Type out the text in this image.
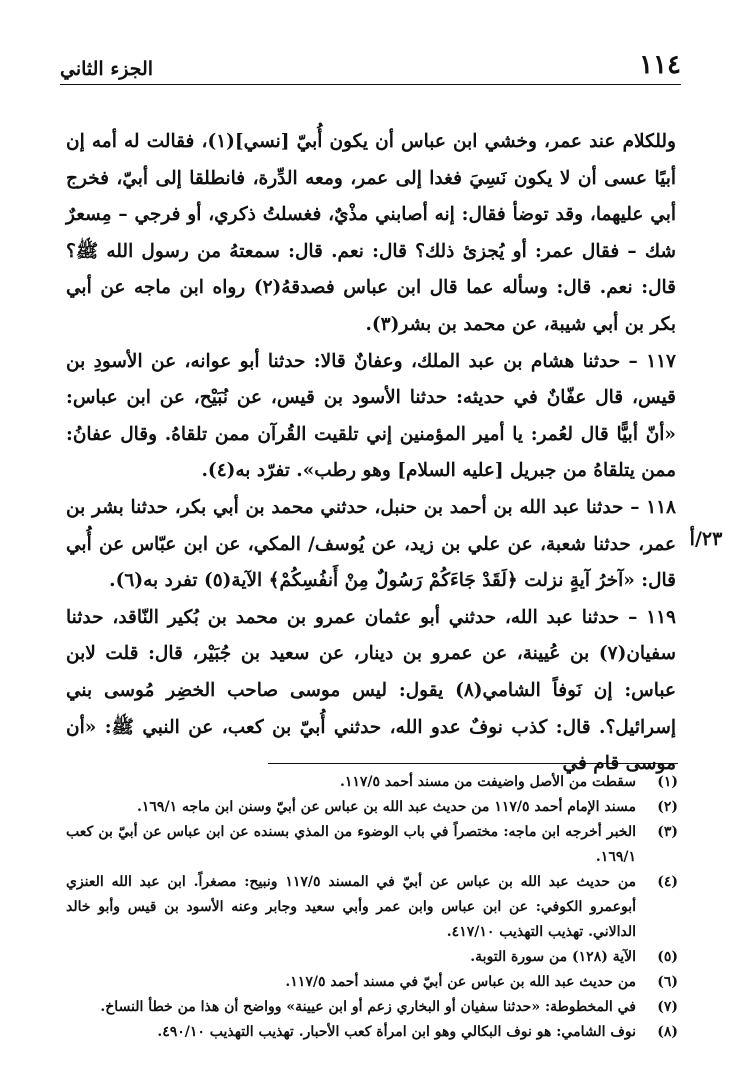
١١٤
الجزء الثاني
٢٣/أ

وللكلام عند عمر، وخشي ابن عباس أن يكون أُبيّ [نسي](١)، فقالت له أمه إن أبيًا عسى أن لا يكون نَسِيَ فغدا إلى عمر، ومعه الدِّرة، فانطلقا إلى أبيّ، فخرج أبي عليهما، وقد توضأ فقال: إنه أصابني مذْيٌ، فغسلتُ ذكري، أو فرجي – مِسعرٌ شك – فقال عمر: أو يُجزئ ذلك؟ قال: نعم. قال: سمعتهُ من رسول الله ﷺ؟ قال: نعم. قال: وسأله عما قال ابن عباس فصدقهُ(٢) رواه ابن ماجه عن أبي بكر بن أبي شيبة، عن محمد بن بشر(٣).

١١٧ – حدثنا هشام بن عبد الملك، وعفانٌ قالا: حدثنا أبو عوانه، عن الأسودِ بن قيس، قال عفّانٌ في حديثه: حدثنا الأسود بن قيس، عن نُبَيْح، عن ابن عباس: «أنّ أبيًّا قال لعُمر: يا أمير المؤمنين إني تلقيت القُرآن ممن تلقاهُ. وقال عفانُ: ممن يتلقاهُ من جبريل [عليه السلام] وهو رطب». تفرّد به(٤).

١١٨ – حدثنا عبد الله بن أحمد بن حنبل، حدثني محمد بن أبي بكر، حدثنا بشر بن عمر، حدثنا شعبة، عن علي بن زيد، عن يُوسف/ المكي، عن ابن عبّاس عن أُبي قال: «آخرُ آيةٍ نزلت ﴿لَقَدْ جَاءَكُمْ رَسُولٌ مِنْ أَنفُسِكُمْ﴾ الآية(٥) تفرد به(٦).

١١٩ – حدثنا عبد الله، حدثني أبو عثمان عمرو بن محمد بن بُكير النّاقد، حدثنا سفيان(٧) بن عُيينة، عن عمرو بن دينار، عن سعيد بن جُبَيْر، قال: قلت لابن عباس: إن نَوفاً الشامي(٨) يقول: ليس موسى صاحب الخضِر مُوسى بني إسرائيل؟. قال: كذب نوفٌ عدو الله، حدثني أُبيّ بن كعب، عن النبي ﷺ: «أن موسى قام في

(١)
سقطت من الأصل واضيفت من مسند أحمد ١١٧/٥.
(٢)
مسند الإمام أحمد ١١٧/٥ من حديث عبد الله بن عباس عن أبيّ وسنن ابن ماجه ١٦٩/١.
(٣)
الخبر أخرجه ابن ماجه: مختصراً في باب الوضوء من المذي بسنده عن ابن عباس عن أبيّ بن كعب ١٦٩/١.
(٤)
من حديث عبد الله بن عباس عن أبيّ في المسند ١١٧/٥ ونبيح: مصغراً. ابن عبد الله العنزي أبوعمرو الكوفي: عن ابن عباس وابن عمر وأبي سعيد وجابر وعنه الأسود بن قيس وأبو خالد الدالاني. تهذيب التهذيب ٤١٧/١٠.
(٥)
الآية (١٢٨) من سورة التوبة.
(٦)
من حديث عبد الله بن عباس عن أبيّ في مسند أحمد ١١٧/٥.
(٧)
في المخطوطة: «حدثنا سفيان أو البخاري زعم أو ابن عيينة» وواضح أن هذا من خطأ النساخ.
(٨)
نوف الشامي: هو نوف البكالي وهو ابن امرأة كعب الأحبار. تهذيب التهذيب ٤٩٠/١٠.
